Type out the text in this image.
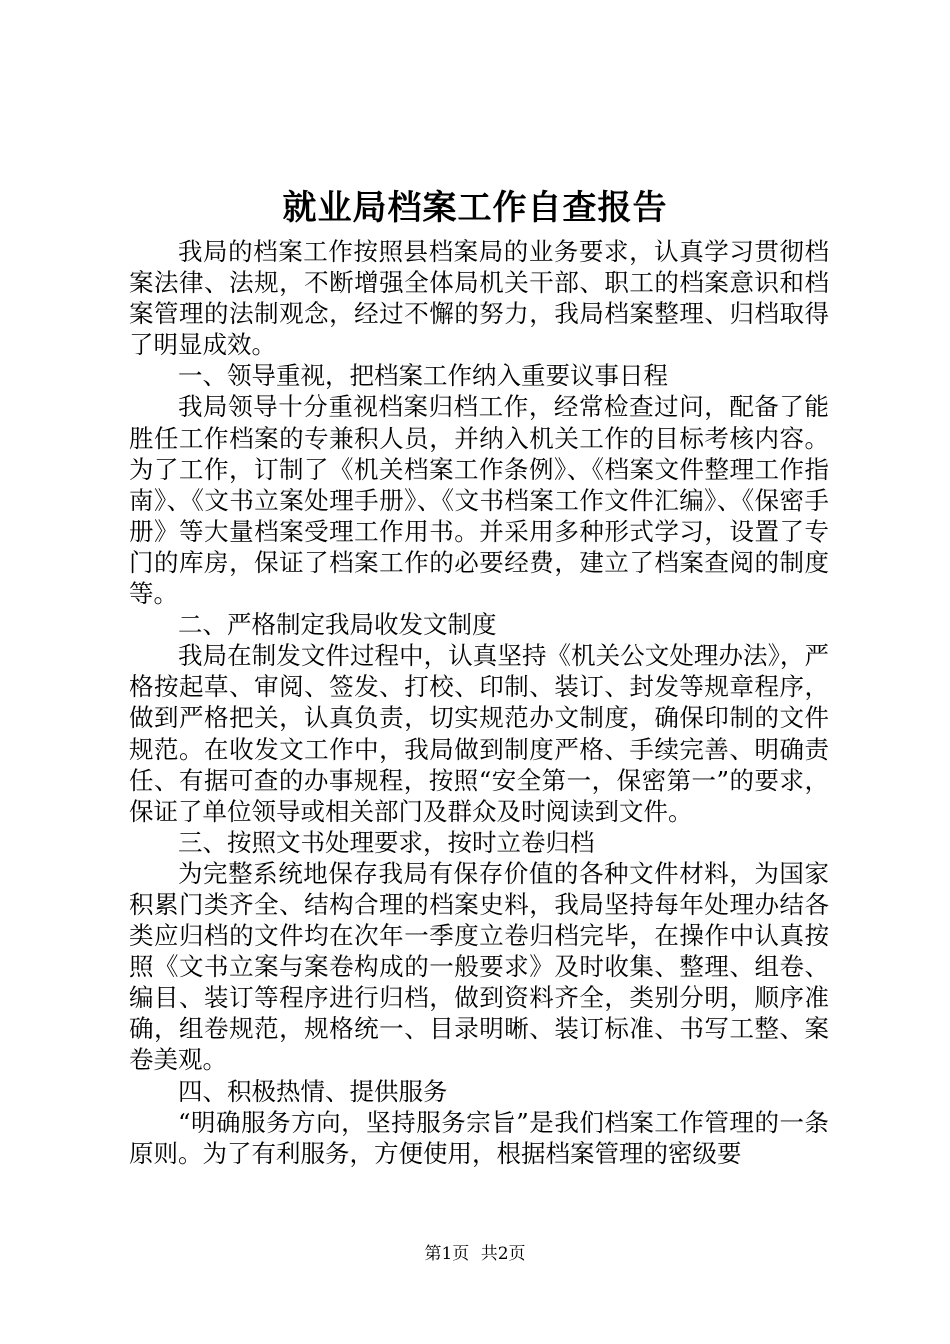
就业局档案工作自查报告

我局的档案工作按照县档案局的业务要求，认真学习贯彻档案法律、法规，不断增强全体局机关干部、职工的档案意识和档案管理的法制观念，经过不懈的努力，我局档案整理、归档取得了明显成效。

一、领导重视，把档案工作纳入重要议事日程

我局领导十分重视档案归档工作，经常检查过问，配备了能胜任工作档案的专兼积人员，并纳入机关工作的目标考核内容。为了工作，订制了《机关档案工作条例》、《档案文件整理工作指南》、《文书立案处理手册》、《文书档案工作文件汇编》、《保密手册》等大量档案受理工作用书。并采用多种形式学习，设置了专门的库房，保证了档案工作的必要经费，建立了档案查阅的制度等。

二、严格制定我局收发文制度

我局在制发文件过程中，认真坚持《机关公文处理办法》，严格按起草、审阅、签发、打校、印制、装订、封发等规章程序，做到严格把关，认真负责，切实规范办文制度，确保印制的文件规范。在收发文工作中，我局做到制度严格、手续完善、明确责任、有据可查的办事规程，按照“安全第一，保密第一”的要求，保证了单位领导或相关部门及群众及时阅读到文件。

三、按照文书处理要求，按时立卷归档

为完整系统地保存我局有保存价值的各种文件材料，为国家积累门类齐全、结构合理的档案史料，我局坚持每年处理办结各类应归档的文件均在次年一季度立卷归档完毕，在操作中认真按照《文书立案与案卷构成的一般要求》及时收集、整理、组卷、编目、装订等程序进行归档，做到资料齐全，类别分明，顺序准确，组卷规范，规格统一、目录明晰、装订标准、书写工整、案卷美观。

四、积极热情、提供服务

“明确服务方向，坚持服务宗旨”是我们档案工作管理的一条原则。为了有利服务，方便使用，根据档案管理的密级要

第1页 共2页
